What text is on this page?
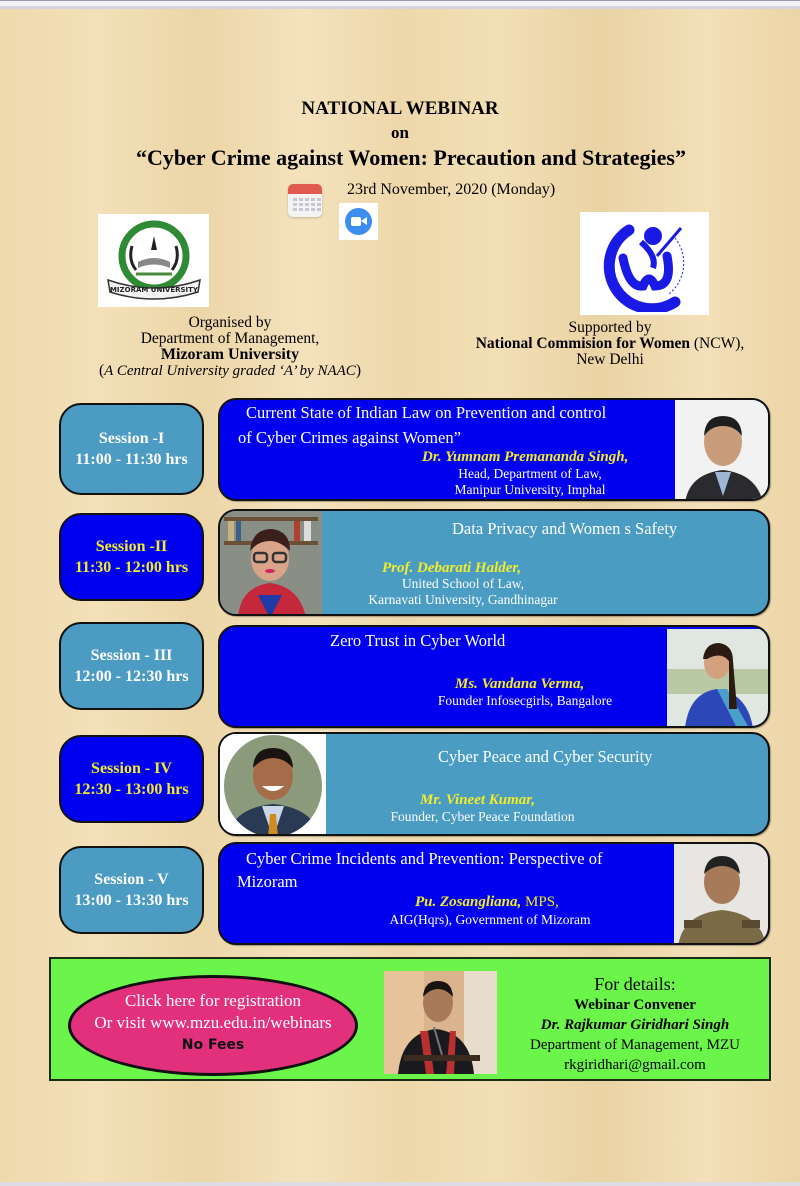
NATIONAL WEBINAR
on
“Cyber Crime against Women: Precaution and Strategies”
23rd November, 2020 (Monday)
MIZORAM UNIVERSITY
Organised by
Department of Management,
Mizoram University
(A Central University graded ‘A’ by NAAC)
Supported by
National Commision for Women (NCW),
New Delhi
Session -I
11:00 - 11:30 hrs
Current State of Indian Law on Prevention and control
of Cyber Crimes against Women”
Dr. Yumnam Premananda Singh,
Head, Department of Law,
Manipur University, Imphal
Session -II
11:30 - 12:00 hrs
Data Privacy and Women s Safety
Prof. Debarati Halder,
United School of Law,
Karnavati University, Gandhinagar
Session - III
12:00 - 12:30 hrs
Zero Trust in Cyber World
Ms. Vandana Verma,
Founder Infosecgirls, Bangalore
Session - IV
12:30 - 13:00 hrs
Cyber Peace and Cyber Security
Mr. Vineet Kumar,
Founder, Cyber Peace Foundation
Session - V
13:00 - 13:30 hrs
Cyber Crime Incidents and Prevention: Perspective of
Mizoram
Pu. Zosangliana, MPS,
AIG(Hqrs), Government of Mizoram
Click here for registration
Or visit www.mzu.edu.in/webinars
No Fees
For details:
Webinar Convener
Dr. Rajkumar Giridhari Singh
Department of Management, MZU
rkgiridhari@gmail.com
